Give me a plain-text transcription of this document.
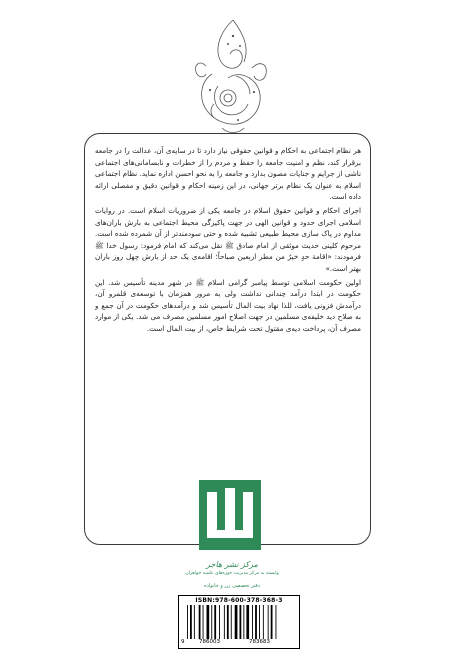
هر نظام اجتماعی به احکام و قوانین حقوقی نیاز دارد تا در سایه‌ی آن، عدالت را در جامعه برقرار کند، نظم و امنیت جامعه را حفظ و مردم را از خطرات و نابسامانی‌های اجتماعی ناشی از جرایم و جنایات مصون بدارد و جامعه را به نحو احسن اداره نماید. نظام اجتماعی اسلام به عنوان یک نظام برتر جهانی، در این زمینه احکام و قوانین دقیق و مفصلی ارائه داده است.

اجرای احکام و قوانین حقوق اسلام در جامعه یکی از ضروریات اسلام است. در روایات اسلامی اجرای حدود و قوانین الهی در جهت پاکیزگی محیط اجتماعی به بارش باران‌های مداوم در پاک سازی محیط طبیعی تشبیه شده و حتی سودمندتر از آن شمرده شده است. مرحوم کلینی حدیث موثقی از امام صادق ﷺ نقل می‌کند که امام فرمود: رسول خدا ﷺ فرمودند: «اقامة حدٍ خیرٌ من مطر اربعین صباحاً؛ اقامه‌ی یک حد از بارش چهل روز باران بهتر است.»

اولین حکومت اسلامی توسط پیامبر گرامی اسلام ﷺ در شهر مدینه تأسیس شد. این حکومت در ابتدا درآمد چندانی نداشت ولی به مرور همزمان با توسعه‌ی قلمرو آن، درآمدش فزونی یافت، للذا نهاد بیت المال تأسیس شد و درآمدهای حکومت در آن جمع و به صلاح دید خلیفه‌ی مسلمین در جهت اصلاح امور مسلمین مصرف می شد. یکی از موارد مصرف آن، پرداخت دیه‌ی مقتول تحت شرایط خاص، از بیت المال است.

مرکز نشر هاجر
وابسته به مرکز مدیریت حوزه‌های علمیه خواهران
دفتر تخصصی زن و خانواده
ISBN:978-600-378-368-3
9	786003	783683
